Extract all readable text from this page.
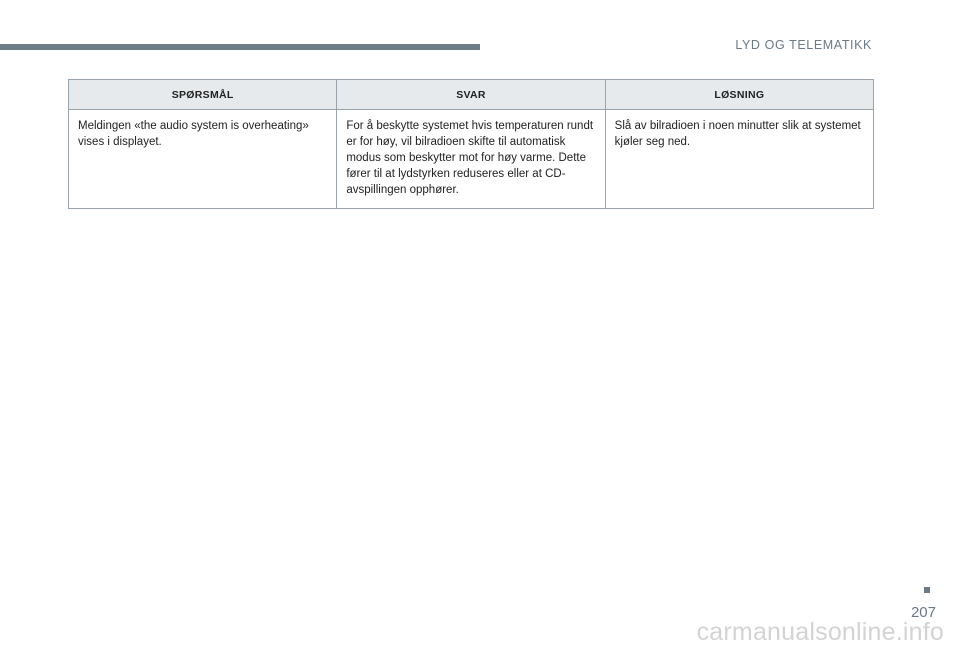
LYD OG TELEMATIKK
SPØRSMÅL	SVAR	LØSNING
Meldingen «the audio system is overheating» vises i displayet.	For å beskytte systemet hvis temperaturen rundt er for høy, vil bilradioen skifte til automatisk modus som beskytter mot for høy varme. Dette fører til at lydstyrken reduseres eller at CD-avspillingen opphører.	Slå av bilradioen i noen minutter slik at systemet kjøler seg ned.
207
carmanualsonline.info
